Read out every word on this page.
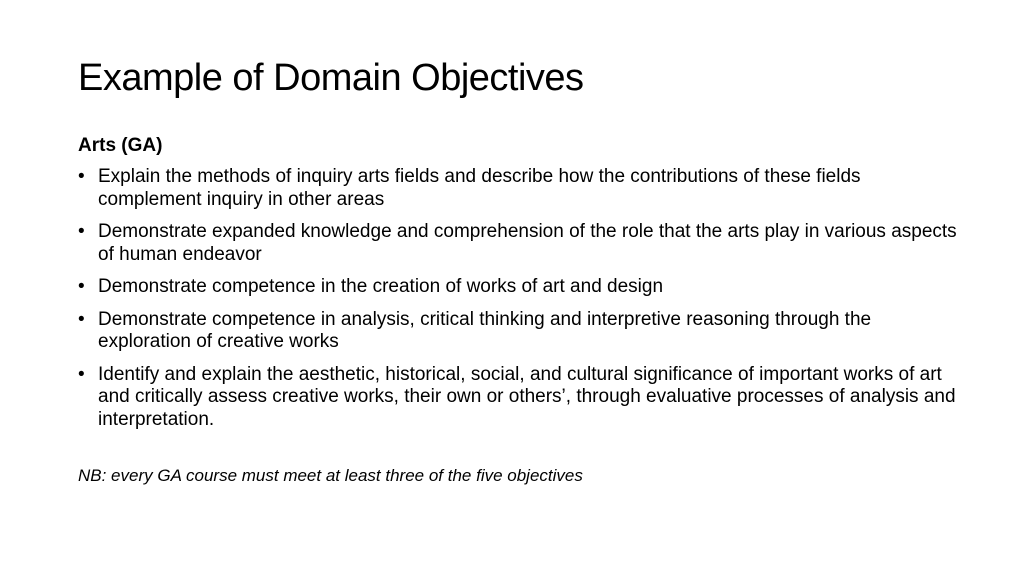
Example of Domain Objectives
Arts (GA)
• Explain the methods of inquiry arts fields and describe how the contributions of these fields complement inquiry in other areas
• Demonstrate expanded knowledge and comprehension of the role that the arts play in various aspects of human endeavor
• Demonstrate competence in the creation of works of art and design
• Demonstrate competence in analysis, critical thinking and interpretive reasoning through the exploration of creative works
• Identify and explain the aesthetic, historical, social, and cultural significance of important works of art and critically assess creative works, their own or others’, through evaluative processes of analysis and interpretation.
NB: every GA course must meet at least three of the five objectives
